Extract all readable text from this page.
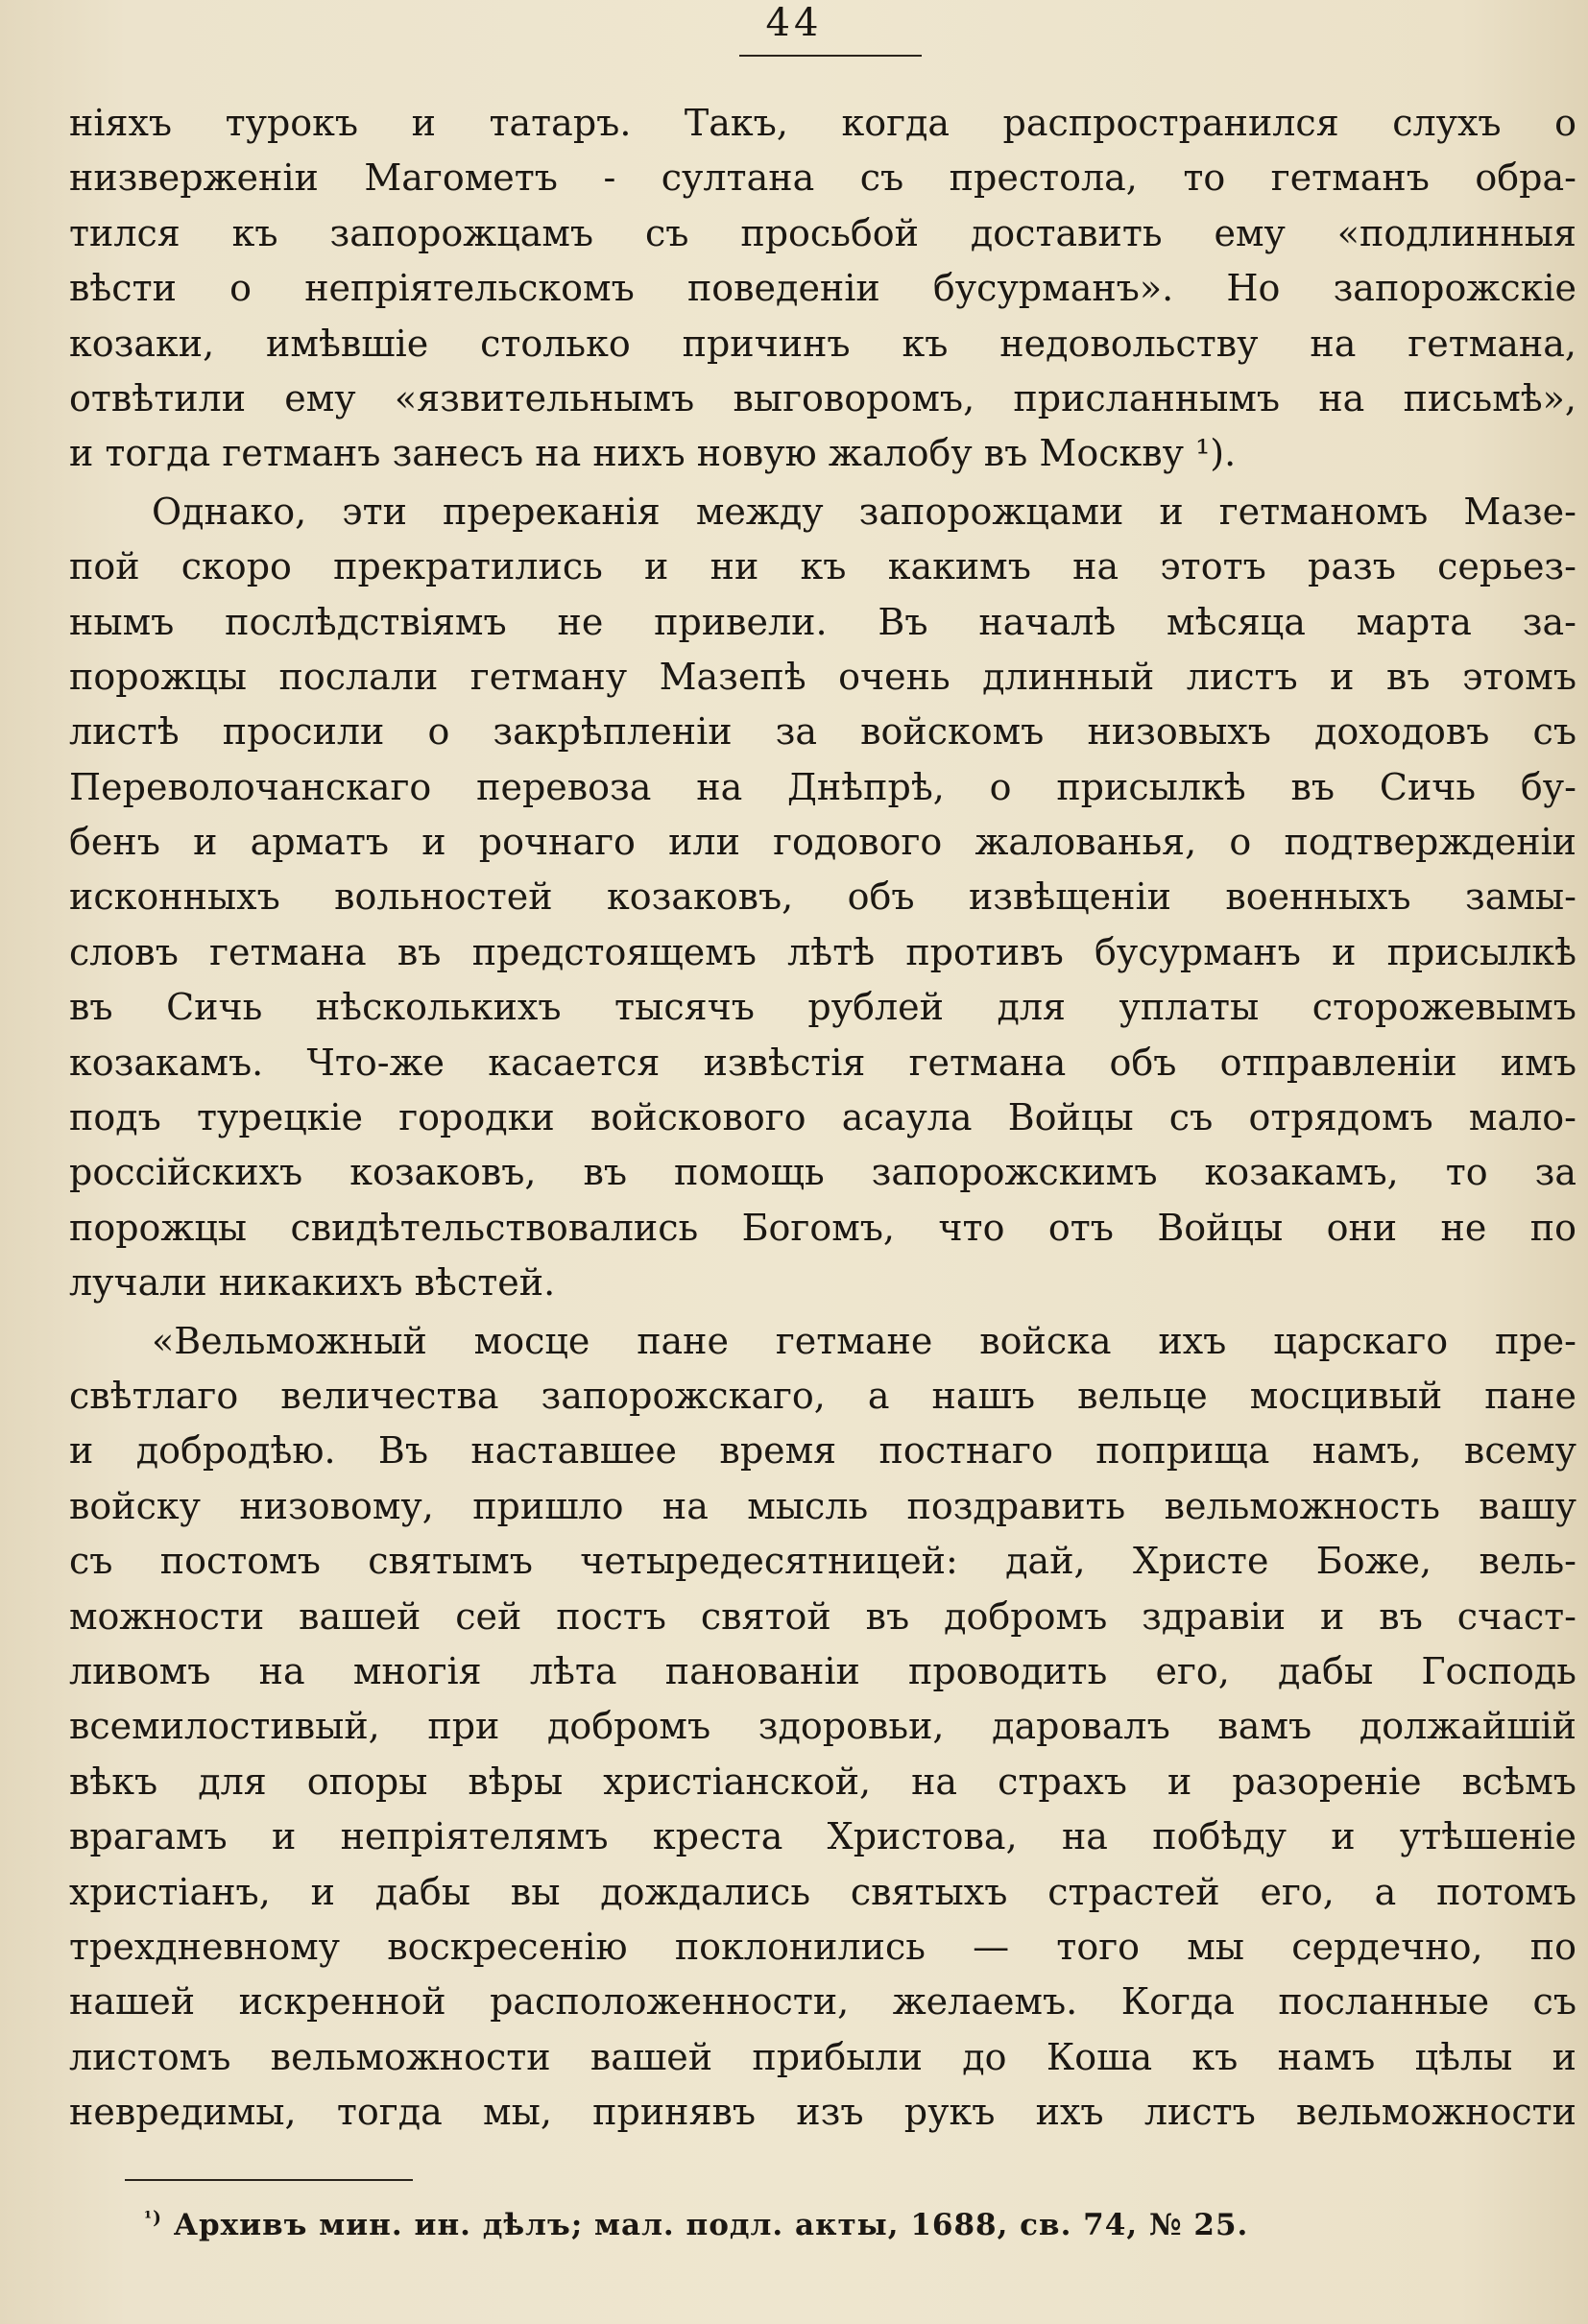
44
ніяхъ турокъ и татаръ. Такъ, когда распространился слухъ о
низверженіи Магометъ - султана съ престола, то гетманъ обра-
тился къ запорожцамъ съ просьбой доставить ему «подлинныя
вѣсти о непріятельскомъ поведеніи бусурманъ». Но запорожскіе
козаки, имѣвшіе столько причинъ къ недовольству на гетмана,
отвѣтили ему «язвительнымъ выговоромъ, присланнымъ на письмѣ»,
и тогда гетманъ занесъ на нихъ новую жалобу въ Москву ¹).
Однако, эти пререканія между запорожцами и гетманомъ Мазе-
пой скоро прекратились и ни къ какимъ на этотъ разъ серьез-
нымъ послѣдствіямъ не привели. Въ началѣ мѣсяца марта за-
порожцы послали гетману Мазепѣ очень длинный листъ и въ этомъ
листѣ просили о закрѣпленіи за войскомъ низовыхъ доходовъ съ
Переволочанскаго перевоза на Днѣпрѣ, о присылкѣ въ Сичь бу-
бенъ и арматъ и рочнаго или годового жалованья, о подтвержденіи
исконныхъ вольностей козаковъ, объ извѣщеніи военныхъ замы-
словъ гетмана въ предстоящемъ лѣтѣ противъ бусурманъ и присылкѣ
въ Сичь нѣсколькихъ тысячъ рублей для уплаты сторожевымъ
козакамъ. Что-же касается извѣстія гетмана объ отправленіи имъ
подъ турецкіе городки войскового асаула Войцы съ отрядомъ мало-
россійскихъ козаковъ, въ помощь запорожскимъ козакамъ, то за
порожцы свидѣтельствовались Богомъ, что отъ Войцы они не по
лучали никакихъ вѣстей.
«Вельможный мосце пане гетмане войска ихъ царскаго пре-
свѣтлаго величества запорожскаго, а нашъ вельце мосцивый пане
и добродѣю. Въ наставшее время постнаго поприща намъ, всему
войску низовому, пришло на мысль поздравить вельможность вашу
съ постомъ святымъ четыредесятницей: дай, Христе Боже, вель-
можности вашей сей постъ святой въ добромъ здравіи и въ счаст-
ливомъ на многія лѣта панованіи проводить его, дабы Господь
всемилостивый, при добромъ здоровьи, даровалъ вамъ должайшій
вѣкъ для опоры вѣры христіанской, на страхъ и разореніе всѣмъ
врагамъ и непріятелямъ креста Христова, на побѣду и утѣшеніе
христіанъ, и дабы вы дождались святыхъ страстей его, а потомъ
трехдневному воскресенію поклонились — того мы сердечно, по
нашей искренной расположенности, желаемъ. Когда посланные съ
листомъ вельможности вашей прибыли до Коша къ намъ цѣлы и
невредимы, тогда мы, принявъ изъ рукъ ихъ листъ вельможности
$^{^1)}$ Архивъ мин. ин. дѣлъ; мал. подл. акты, 1688, св. 74, № 25.
